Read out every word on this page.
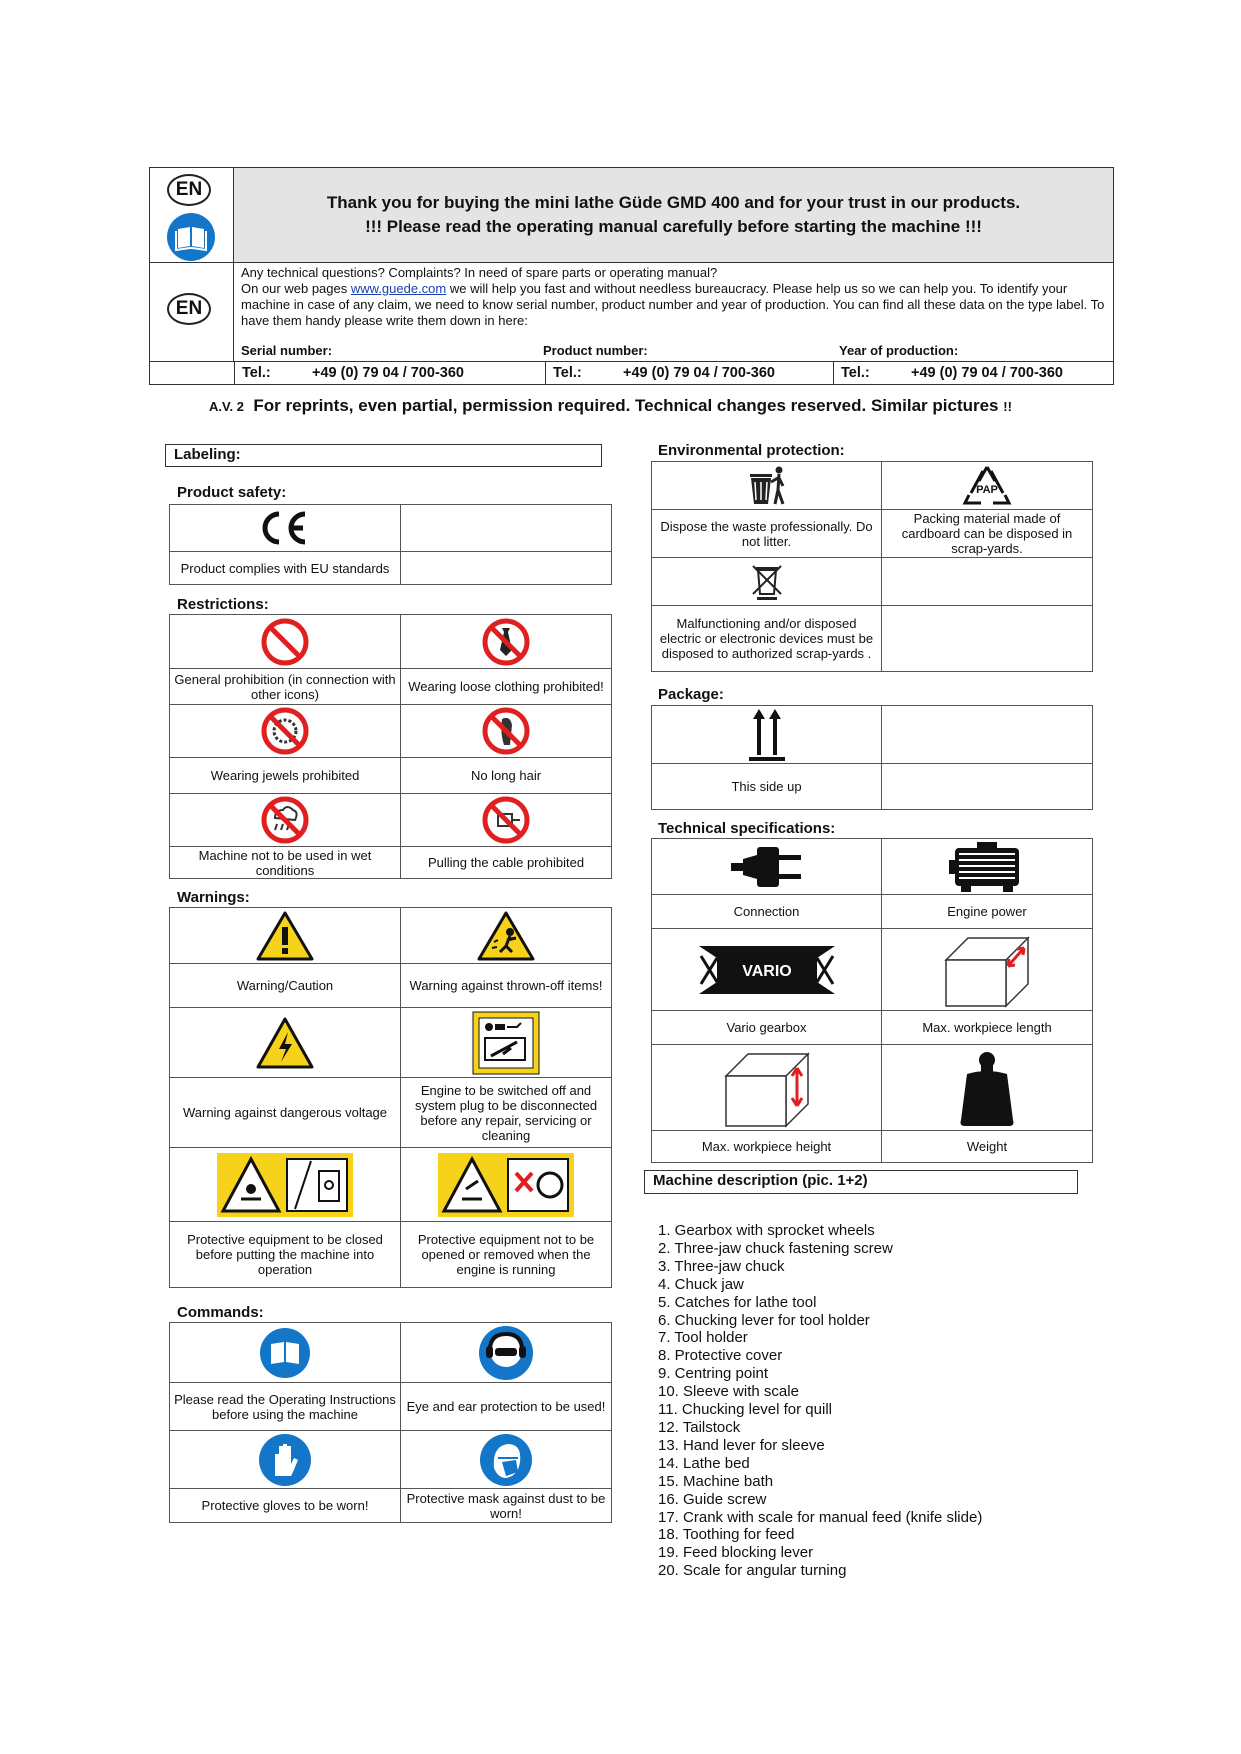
EN
Thank you for buying the mini lathe Güde GMD 400 and for your trust in our products.
!!! Please read the operating manual carefully before starting the machine !!!
EN
Any technical questions? Complaints? In need of spare parts or operating manual?
On our web pages www.guede.com we will help you fast and without needless bureaucracy. Please help us so we can help you. To identify your machine in case of any claim, we need to know serial number, product number and year of production. You can find all these data on the type label. To have them handy please write them down in here:
Serial number:	Product number:	Year of production:
Tel.:	+49 (0) 79 04 / 700-360	Tel.:	+49 (0) 79 04 / 700-360	Tel.:	+49 (0) 79 04 / 700-360
A.V. 2 For reprints, even partial, permission required. Technical changes reserved. Similar pictures !!
Labeling:
Product safety:

Product complies with EU standards	
Restrictions:

General prohibition (in connection with other icons)	Wearing loose clothing prohibited!

Wearing jewels prohibited	No long hair

Machine not to be used in wet conditions	Pulling the cable prohibited
Warnings:

Warning/Caution	Warning against thrown-off items!

Warning against dangerous voltage	Engine to be switched off and system plug to be disconnected before any repair, servicing or cleaning

Protective equipment to be closed before putting the machine into operation	Protective equipment not to be opened or removed when the engine is running
Commands:

Please read the Operating Instructions before using the machine	Eye and ear protection to be used!

Protective gloves to be worn!	Protective mask against dust to be worn!
Environmental protection:

PAP

Dispose the waste professionally. Do not litter.	Packing material made of cardboard can be disposed in scrap-yards.

Malfunctioning and/or disposed electric or electronic devices must be disposed to authorized scrap-yards .	
Package:

This side up	
Technical specifications:

Connection	Engine power

VARIO

Vario gearbox	Max. workpiece length

Max. workpiece height	Weight
Machine description (pic. 1+2)
1. Gearbox with sprocket wheels
2. Three-jaw chuck fastening screw
3. Three-jaw chuck
4. Chuck jaw
5. Catches for lathe tool
6. Chucking lever for tool holder
7. Tool holder
8. Protective cover
9. Centring point
10. Sleeve with scale
11. Chucking level for quill
12. Tailstock
13. Hand lever for sleeve
14. Lathe bed
15. Machine bath
16. Guide screw
17. Crank with scale for manual feed (knife slide)
18. Toothing for feed
19. Feed blocking lever
20. Scale for angular turning
